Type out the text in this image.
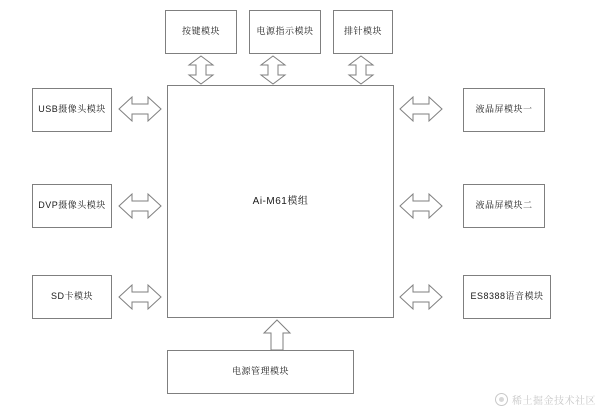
Ai-M61模组
按键模块	电源指示模块	排针模块
USB摄像头模块
DVP摄像头模块
SD卡模块
液晶屏模块一
液晶屏模块二
ES8388语音模块
电源管理模块
稀土掘金技术社区
